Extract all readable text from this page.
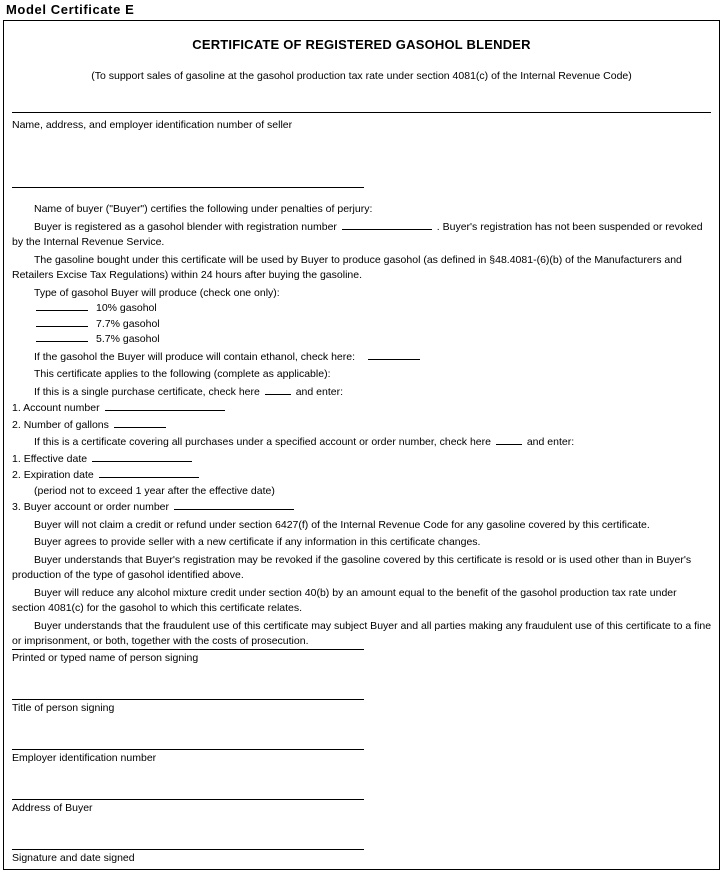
Model Certificate E
CERTIFICATE OF REGISTERED GASOHOL BLENDER
(To support sales of gasoline at the gasohol production tax rate under section 4081(c) of the Internal Revenue Code)
Name, address, and employer identification number of seller
Name of buyer ("Buyer") certifies the following under penalties of perjury:
Buyer is registered as a gasohol blender with registration number	. Buyer's registration has not been suspended or revoked by the Internal Revenue Service.
The gasoline bought under this certificate will be used by Buyer to produce gasohol (as defined in §48.4081-(6)(b) of the Manufacturers and Retailers Excise Tax Regulations) within 24 hours after buying the gasoline.
Type of gasohol Buyer will produce (check one only):
10% gasohol
7.7% gasohol
5.7% gasohol
If the gasohol the Buyer will produce will contain ethanol, check here:
This certificate applies to the following (complete as applicable):
If this is a single purchase certificate, check here	and enter:
1. Account number
2. Number of gallons
If this is a certificate covering all purchases under a specified account or order number, check here	and enter:
1. Effective date
2. Expiration date
(period not to exceed 1 year after the effective date)
3. Buyer account or order number
Buyer will not claim a credit or refund under section 6427(f) of the Internal Revenue Code for any gasoline covered by this certificate.
Buyer agrees to provide seller with a new certificate if any information in this certificate changes.
Buyer understands that Buyer's registration may be revoked if the gasoline covered by this certificate is resold or is used other than in Buyer's production of the type of gasohol identified above.
Buyer will reduce any alcohol mixture credit under section 40(b) by an amount equal to the benefit of the gasohol production tax rate under section 4081(c) for the gasohol to which this certificate relates.
Buyer understands that the fraudulent use of this certificate may subject Buyer and all parties making any fraudulent use of this certificate to a fine or imprisonment, or both, together with the costs of prosecution.
Printed or typed name of person signing
Title of person signing
Employer identification number
Address of Buyer
Signature and date signed
